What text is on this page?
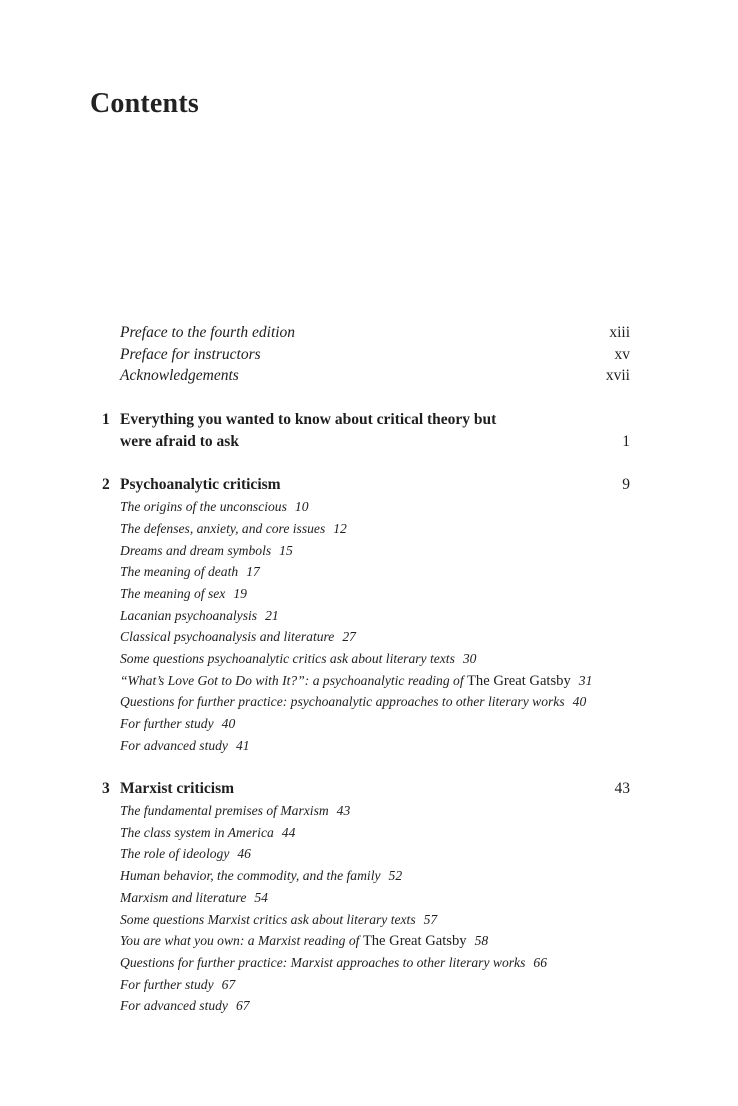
Contents
Preface to the fourth edition	xiii
Preface for instructors	xv
Acknowledgements	xvii
1 Everything you wanted to know about critical theory but
were afraid to ask	1
2 Psychoanalytic criticism	9
The origins of the unconscious 10
The defenses, anxiety, and core issues 12
Dreams and dream symbols 15
The meaning of death 17
The meaning of sex 19
Lacanian psychoanalysis 21
Classical psychoanalysis and literature 27
Some questions psychoanalytic critics ask about literary texts 30
“What’s Love Got to Do with It?”: a psychoanalytic reading of The Great Gatsby 31
Questions for further practice: psychoanalytic approaches to other literary works 40
For further study 40
For advanced study 41
3 Marxist criticism	43
The fundamental premises of Marxism 43
The class system in America 44
The role of ideology 46
Human behavior, the commodity, and the family 52
Marxism and literature 54
Some questions Marxist critics ask about literary texts 57
You are what you own: a Marxist reading of The Great Gatsby 58
Questions for further practice: Marxist approaches to other literary works 66
For further study 67
For advanced study 67
